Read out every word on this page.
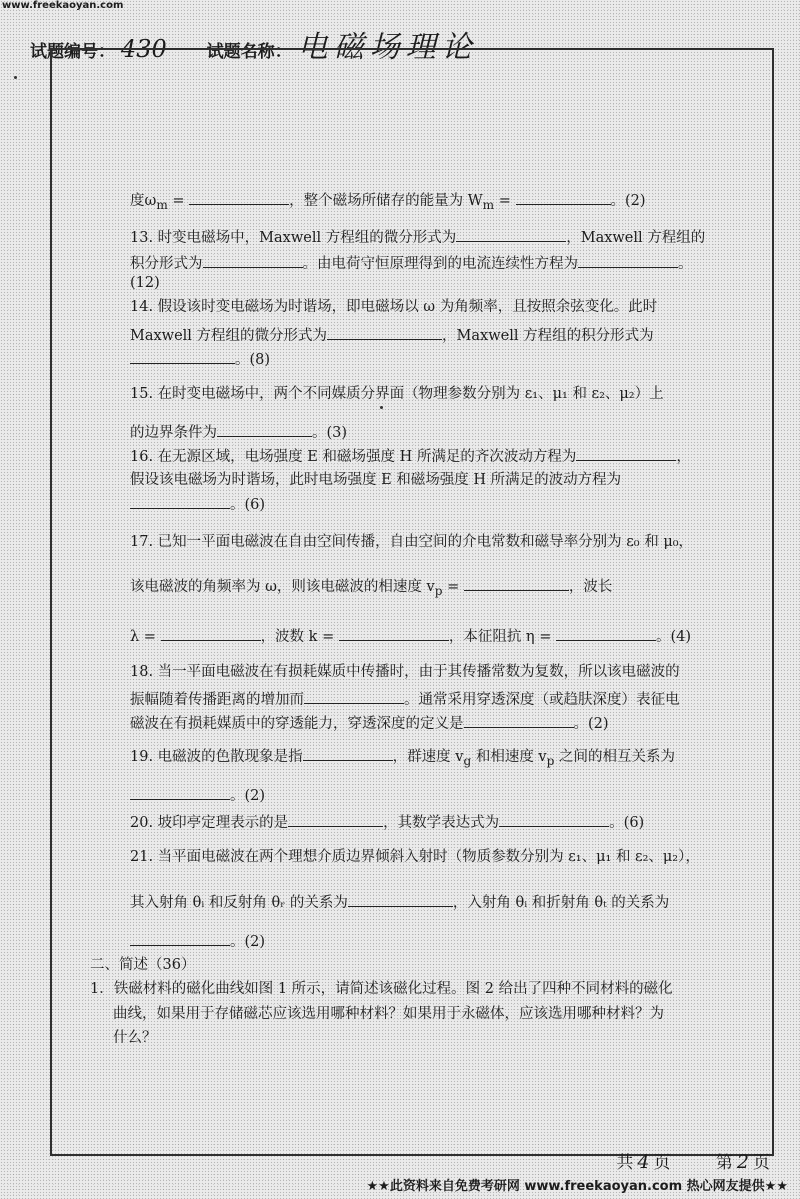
www.freekaoyan.com
试题编号： 430 试题名称： 电磁场理论
度$\omega_m$ =	，整个磁场所储存的能量为 $W_m$ =	。(2)
13. 时变电磁场中，Maxwell 方程组的微分形式为	，Maxwell 方程组的
积分形式为	。由电荷守恒原理得到的电流连续性方程为	。
(12)
14. 假设该时变电磁场为时谐场，即电磁场以 ω 为角频率，且按照余弦变化。此时
Maxwell 方程组的微分形式为	，Maxwell 方程组的积分形式为
。(8)
15. 在时变电磁场中，两个不同媒质分界面（物理参数分别为 ε₁、μ₁ 和 ε₂、μ₂）上
的边界条件为	。(3)
16. 在无源区域，电场强度 E 和磁场强度 H 所满足的齐次波动方程为	，
假设该电磁场为时谐场，此时电场强度 E 和磁场强度 H 所满足的波动方程为
。(6)
17. 已知一平面电磁波在自由空间传播，自由空间的介电常数和磁导率分别为 ε₀ 和 μ₀，
该电磁波的角频率为 ω，则该电磁波的相速度 $v_p$ =	，波长
λ =	，波数 k =	，本征阻抗 η =	。(4)
18. 当一平面电磁波在有损耗媒质中传播时，由于其传播常数为复数，所以该电磁波的
振幅随着传播距离的增加而	。通常采用穿透深度（或趋肤深度）表征电
磁波在有损耗媒质中的穿透能力，穿透深度的定义是	。(2)
19. 电磁波的色散现象是指	，群速度 $v_g$ 和相速度 $v_p$ 之间的相互关系为
。(2)
20. 坡印亭定理表示的是	，其数学表达式为	。(6)
21. 当平面电磁波在两个理想介质边界倾斜入射时（物质参数分别为 ε₁、μ₁ 和 ε₂、μ₂），
其入射角 θᵢ 和反射角 θᵣ 的关系为	，入射角 θᵢ 和折射角 θₜ 的关系为
。(2)
二、简述（36）
1．铁磁材料的磁化曲线如图 1 所示，请简述该磁化过程。图 2 给出了四种不同材料的磁化
曲线，如果用于存储磁芯应该选用哪种材料？如果用于永磁体，应该选用哪种材料？为
什么？
共 4 页	第 2 页
★★此资料来自免费考研网 www.freekaoyan.com 热心网友提供★★
